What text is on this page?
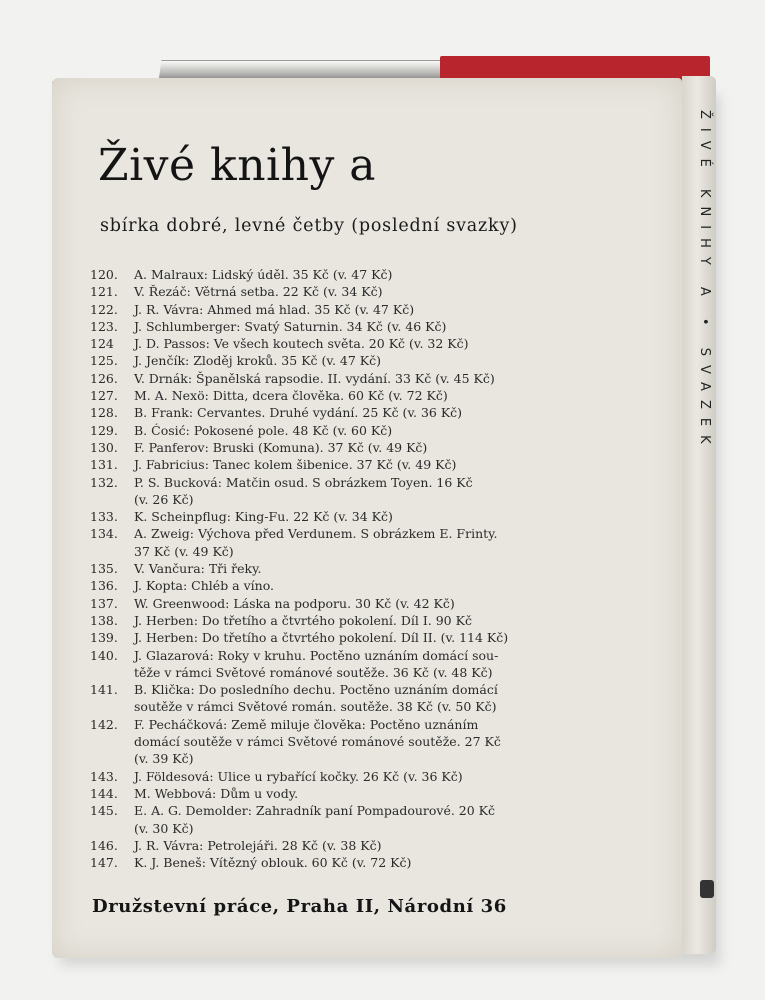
ŽIVÉ KNIHY A • SVAZEK
Živé knihy a

sbírka dobré, levné četby (poslední svazky)

120.	A. Malraux: Lidský úděl. 35 Kč (v. 47 Kč)
121.	V. Řezáč: Větrná setba. 22 Kč (v. 34 Kč)
122.	J. R. Vávra: Ahmed má hlad. 35 Kč (v. 47 Kč)
123.	J. Schlumberger: Svatý Saturnin. 34 Kč (v. 46 Kč)
124	J. D. Passos: Ve všech koutech světa. 20 Kč (v. 32 Kč)
125.	J. Jenčík: Zloděj kroků. 35 Kč (v. 47 Kč)
126.	V. Drnák: Španělská rapsodie. II. vydání. 33 Kč (v. 45 Kč)
127.	M. A. Nexö: Ditta, dcera člověka. 60 Kč (v. 72 Kč)
128.	B. Frank: Cervantes. Druhé vydání. 25 Kč (v. 36 Kč)
129.	B. Ćosić: Pokosené pole. 48 Kč (v. 60 Kč)
130.	F. Panferov: Bruski (Komuna). 37 Kč (v. 49 Kč)
131.	J. Fabricius: Tanec kolem šibenice. 37 Kč (v. 49 Kč)
132.	P. S. Bucková: Matčin osud. S obrázkem Toyen. 16 Kč
(v. 26 Kč)
133.	K. Scheinpflug: King-Fu. 22 Kč (v. 34 Kč)
134.	A. Zweig: Výchova před Verdunem. S obrázkem E. Frinty.
37 Kč (v. 49 Kč)
135.	V. Vančura: Tři řeky.
136.	J. Kopta: Chléb a víno.
137.	W. Greenwood: Láska na podporu. 30 Kč (v. 42 Kč)
138.	J. Herben: Do třetího a čtvrtého pokolení. Díl I. 90 Kč
139.	J. Herben: Do třetího a čtvrtého pokolení. Díl II. (v. 114 Kč)
140.	J. Glazarová: Roky v kruhu. Poctěno uznáním domácí sou-
těže v rámci Světové románové soutěže. 36 Kč (v. 48 Kč)
141.	B. Klička: Do posledního dechu. Poctěno uznáním domácí
soutěže v rámci Světové román. soutěže. 38 Kč (v. 50 Kč)
142.	F. Pecháčková: Země miluje člověka: Poctěno uznáním
domácí soutěže v rámci Světové románové soutěže. 27 Kč
(v. 39 Kč)
143.	J. Földesová: Ulice u rybařící kočky. 26 Kč (v. 36 Kč)
144.	M. Webbová: Dům u vody.
145.	E. A. G. Demolder: Zahradník paní Pompadourové. 20 Kč
(v. 30 Kč)
146.	J. R. Vávra: Petrolejáři. 28 Kč (v. 38 Kč)
147.	K. J. Beneš: Vítězný oblouk. 60 Kč (v. 72 Kč)

Družstevní práce, Praha II, Národní 36
